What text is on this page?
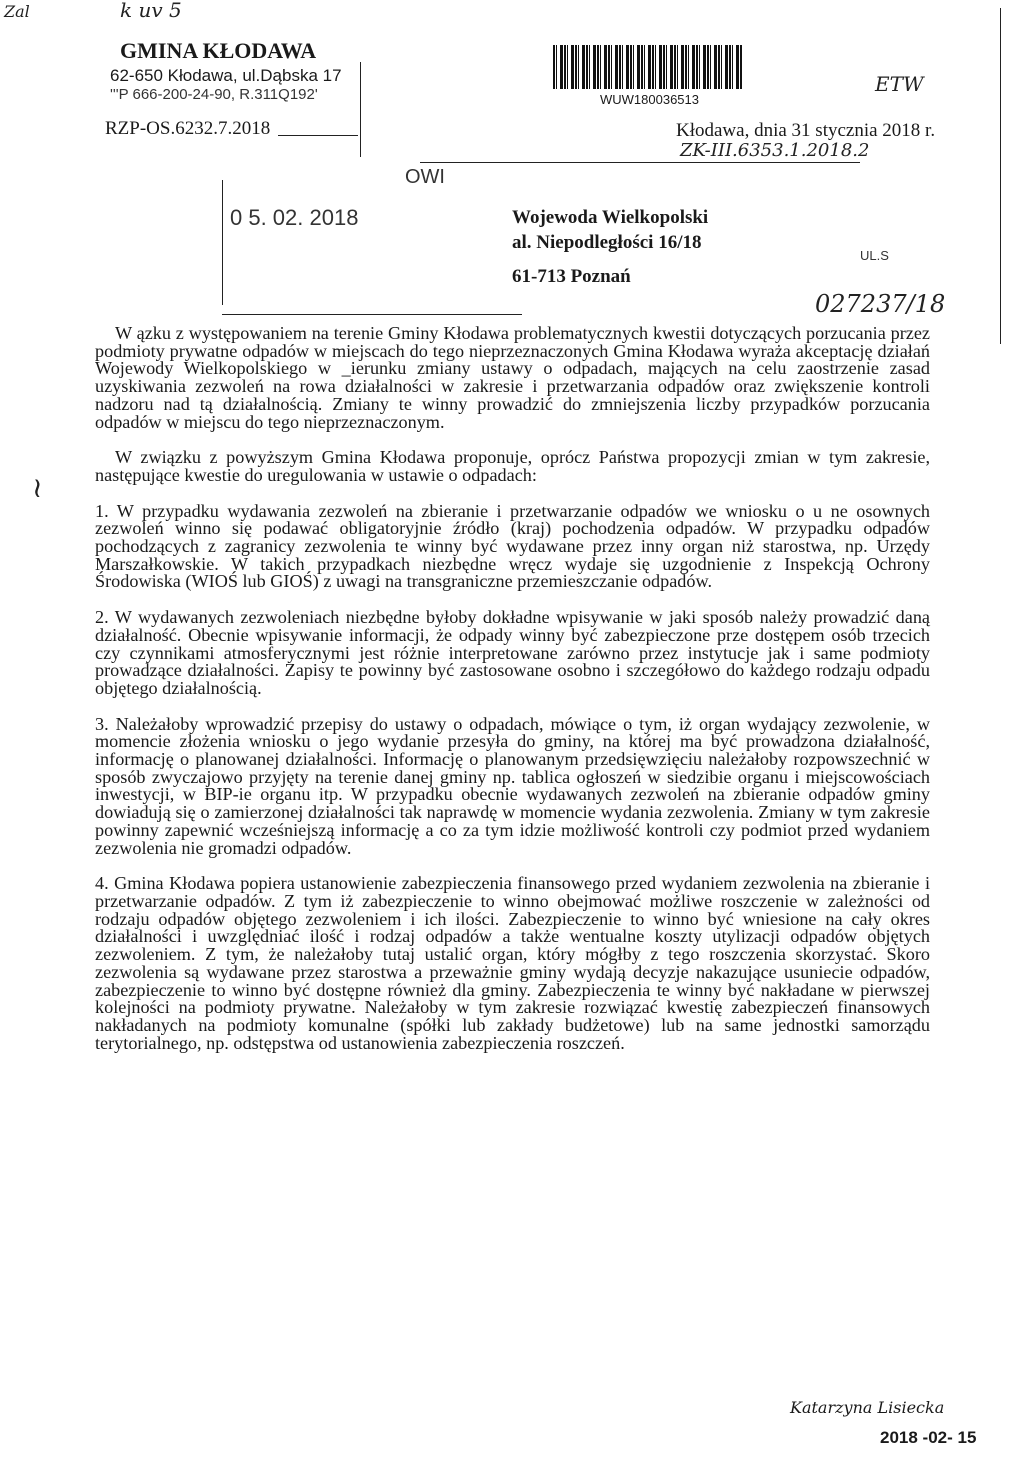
Zal	k uv 5
GMINA KŁODAWA
62-650 Kłodawa, ul.Dąbska 17
'''P 666-200-24-90, R.311Q192'
RZP-OS.6232.7.2018
WUW180036513
ETW
Kłodawa, dnia 31 stycznia 2018 r.
ZK-III.6353.1.2018.2
0 5. 02. 2018
OWI
UL.S
Wojewoda Wielkopolski
al. Niepodległości 16/18
61-713 Poznań
027237/18
~

W ązku z występowaniem na terenie Gminy Kłodawa problematycznych kwestii dotyczących porzucania przez podmioty prywatne odpadów w miejscach do tego nieprzeznaczonych Gmina Kłodawa wyraża akceptację działań Wojewody Wielkopolskiego w _ierunku zmiany ustawy o odpadach, mających na celu zaostrzenie zasad uzyskiwania zezwoleń na rowa działalności w zakresie i przetwarzania odpadów oraz zwiększenie kontroli nadzoru nad tą działalnością. Zmiany te winny prowadzić do zmniejszenia liczby przypadków porzucania odpadów w miejscu do tego nieprzeznaczonym.

W związku z powyższym Gmina Kłodawa proponuje, oprócz Państwa propozycji zmian w tym zakresie, następujące kwestie do uregulowania w ustawie o odpadach:

1. W przypadku wydawania zezwoleń na zbieranie i przetwarzanie odpadów we wniosku o u ne osownych zezwoleń winno się podawać obligatoryjnie źródło (kraj) pochodzenia odpadów. W przypadku odpadów pochodzących z zagranicy zezwolenia te winny być wydawane przez inny organ niż starostwa, np. Urzędy Marszałkowskie. W takich przypadkach niezbędne wręcz wydaje się uzgodnienie z Inspekcją Ochrony Środowiska (WIOŚ lub GIOŚ) z uwagi na transgraniczne przemieszczanie odpadów.

2. W wydawanych zezwoleniach niezbędne byłoby dokładne wpisywanie w jaki sposób należy prowadzić daną działalność. Obecnie wpisywanie informacji, że odpady winny być zabezpieczone prze dostępem osób trzecich czy czynnikami atmosferycznymi jest różnie interpretowane zarówno przez instytucje jak i same podmioty prowadzące działalności. Zapisy te powinny być zastosowane osobno i szczegółowo do każdego rodzaju odpadu objętego działalnością.

3. Należałoby wprowadzić przepisy do ustawy o odpadach, mówiące o tym, iż organ wydający zezwolenie, w momencie złożenia wniosku o jego wydanie przesyła do gminy, na której ma być prowadzona działalność, informację o planowanej działalności. Informację o planowanym przedsięwzięciu należałoby rozpowszechnić w sposób zwyczajowo przyjęty na terenie danej gminy np. tablica ogłoszeń w siedzibie organu i miejscowościach inwestycji, w BIP-ie organu itp. W przypadku obecnie wydawanych zezwoleń na zbieranie odpadów gminy dowiadują się o zamierzonej działalności tak naprawdę w momencie wydania zezwolenia. Zmiany w tym zakresie powinny zapewnić wcześniejszą informację a co za tym idzie możliwość kontroli czy podmiot przed wydaniem zezwolenia nie gromadzi odpadów.

4. Gmina Kłodawa popiera ustanowienie zabezpieczenia finansowego przed wydaniem zezwolenia na zbieranie i przetwarzanie odpadów. Z tym iż zabezpieczenie to winno obejmować możliwe roszczenie w zależności od rodzaju odpadów objętego zezwoleniem i ich ilości. Zabezpieczenie to winno być wniesione na cały okres działalności i uwzględniać ilość i rodzaj odpadów a także wentualne koszty utylizacji odpadów objętych zezwoleniem. Z tym, że należałoby tutaj ustalić organ, który mógłby z tego roszczenia skorzystać. Skoro zezwolenia są wydawane przez starostwa a przeważnie gminy wydają decyzje nakazujące usuniecie odpadów, zabezpieczenie to winno być dostępne również dla gminy. Zabezpieczenia te winny być nakładane w pierwszej kolejności na podmioty prywatne. Należałoby w tym zakresie rozwiązać kwestię zabezpieczeń finansowych nakładanych na podmioty komunalne (spółki lub zakłady budżetowe) lub na same jednostki samorządu terytorialnego, np. odstępstwa od ustanowienia zabezpieczenia roszczeń.

Katarzyna Lisiecka
2018 -02- 15
